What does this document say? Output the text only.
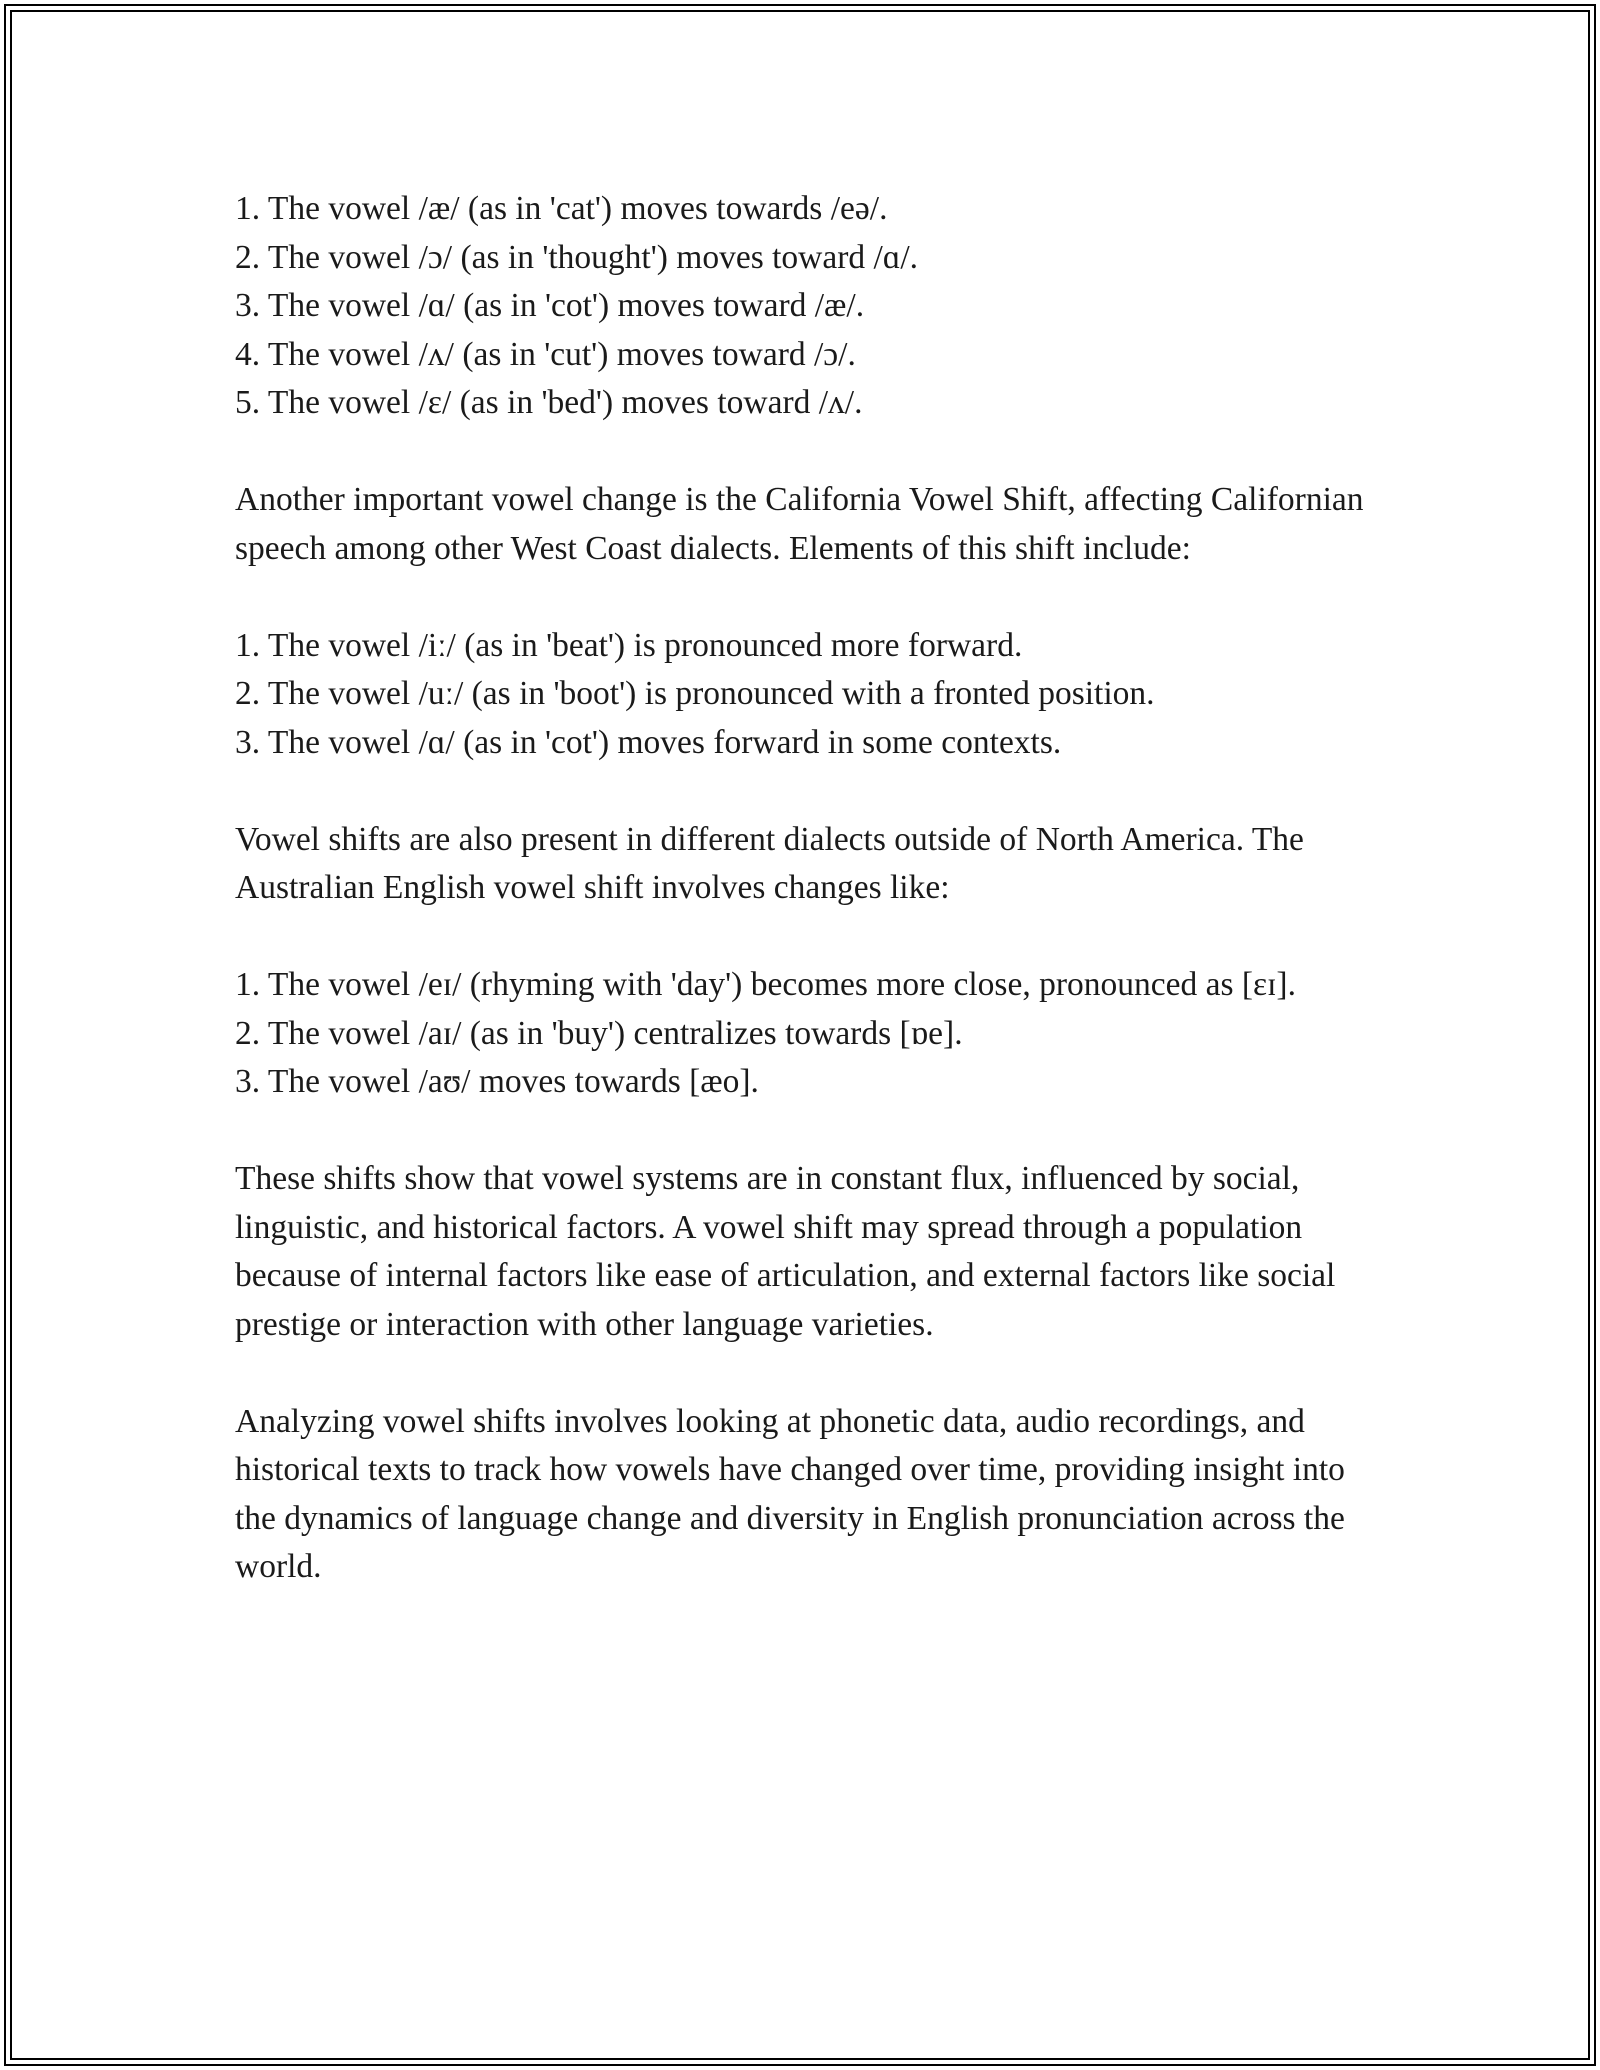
1. The vowel /æ/ (as in 'cat') moves towards /eə/.
2. The vowel /ɔ/ (as in 'thought') moves toward /ɑ/.
3. The vowel /ɑ/ (as in 'cot') moves toward /æ/.
4. The vowel /ʌ/ (as in 'cut') moves toward /ɔ/.
5. The vowel /ɛ/ (as in 'bed') moves toward /ʌ/.

Another important vowel change is the California Vowel Shift, affecting Californian speech among other West Coast dialects. Elements of this shift include:

1. The vowel /iː/ (as in 'beat') is pronounced more forward.
2. The vowel /uː/ (as in 'boot') is pronounced with a fronted position.
3. The vowel /ɑ/ (as in 'cot') moves forward in some contexts.

Vowel shifts are also present in different dialects outside of North America. The Australian English vowel shift involves changes like:

1. The vowel /eɪ/ (rhyming with 'day') becomes more close, pronounced as [ɛɪ].
2. The vowel /aɪ/ (as in 'buy') centralizes towards [ɒe].
3. The vowel /aʊ/ moves towards [æo].

These shifts show that vowel systems are in constant flux, influenced by social, linguistic, and historical factors. A vowel shift may spread through a population because of internal factors like ease of articulation, and external factors like social prestige or interaction with other language varieties.

Analyzing vowel shifts involves looking at phonetic data, audio recordings, and historical texts to track how vowels have changed over time, providing insight into the dynamics of language change and diversity in English pronunciation across the world.
